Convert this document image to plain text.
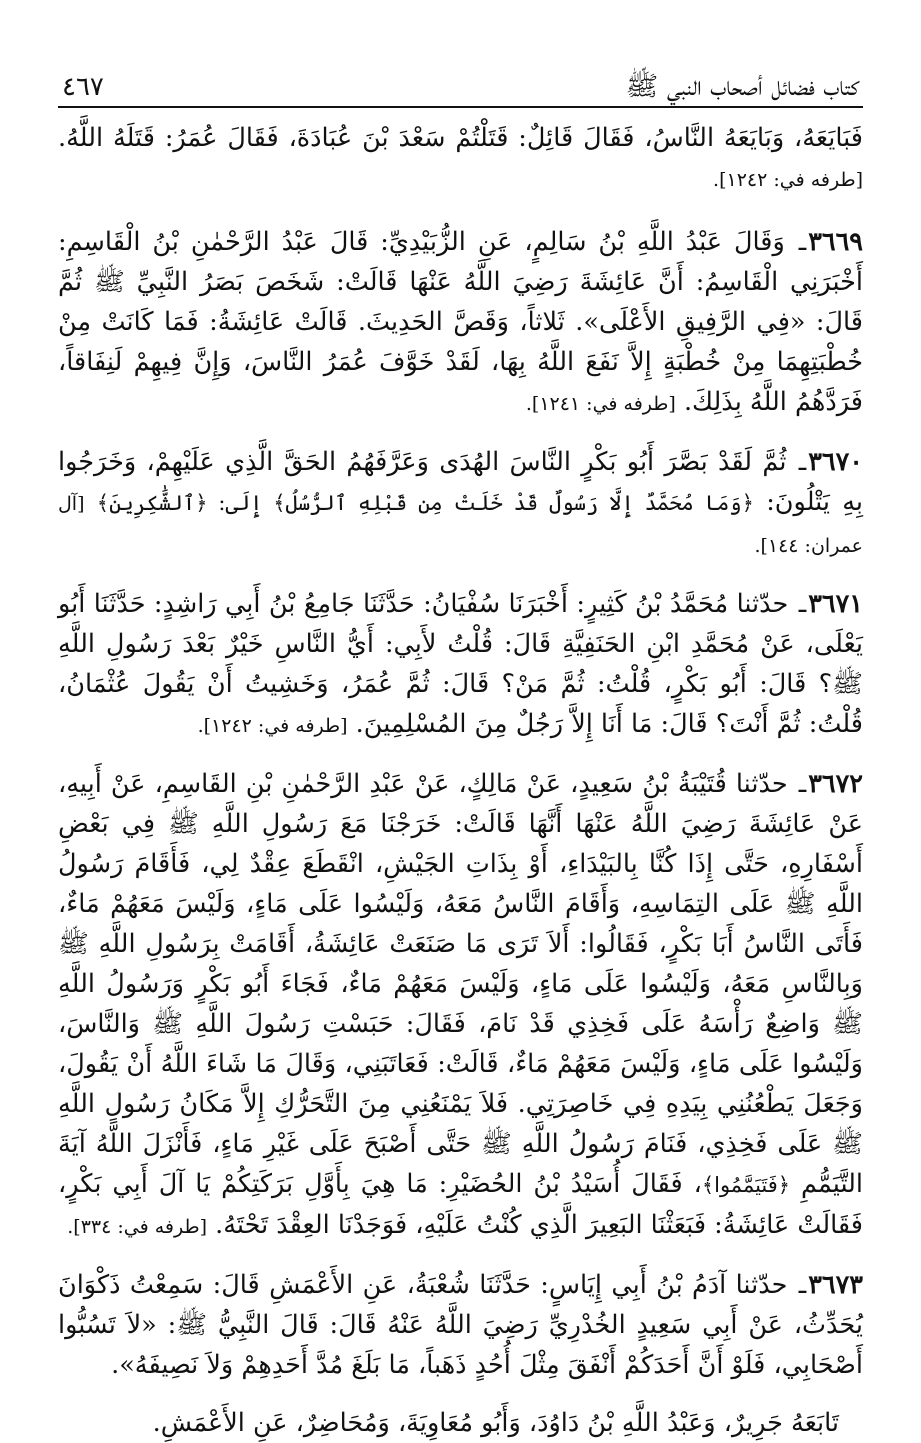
٤٦٧	كتاب فضائل أصحاب النبي ﷺ

فَبَايَعَهُ، وَبَايَعَهُ النَّاسُ، فَقَالَ قَائِلٌ: قَتَلْتُمْ سَعْدَ بْنَ عُبَادَةَ، فَقَالَ عُمَرُ: قَتَلَهُ اللَّهُ. [طرفه في: ١٢٤٢].

٣٦٦٩ـ وَقَالَ عَبْدُ اللَّهِ بْنُ سَالِمٍ، عَنِ الزُّبَيْدِيِّ: قَالَ عَبْدُ الرَّحْمٰنِ بْنُ الْقَاسِمِ: أَخْبَرَنِي الْقَاسِمُ: أَنَّ عَائِشَةَ رَضِيَ اللَّهُ عَنْهَا قَالَتْ: شَخَصَ بَصَرُ النَّبِيِّ ﷺ ثُمَّ قَالَ: «فِي الرَّفِيقِ الأَعْلَى». ثَلاثاً، وَقَصَّ الحَدِيثَ. قَالَتْ عَائِشَةُ: فَمَا كَانَتْ مِنْ خُطْبَتِهِمَا مِنْ خُطْبَةٍ إِلاَّ نَفَعَ اللَّهُ بِهَا، لَقَدْ خَوَّفَ عُمَرُ النَّاسَ، وَإِنَّ فِيهِمْ لَنِفَاقاً، فَرَدَّهُمُ اللَّهُ بِذَلِكَ. [طرفه في: ١٢٤١].

٣٦٧٠ـ ثُمَّ لَقَدْ بَصَّرَ أَبُو بَكْرٍ النَّاسَ الهُدَى وَعَرَّفَهُمُ الحَقَّ الَّذِي عَلَيْهِمْ، وَخَرَجُوا بِهِ يَتْلُونَ: ﴿وَمَا مُحَمَّدٌ إِلَّا رَسُولٌ قَدْ خَلَتْ مِن قَبْلِهِ ٱلرُّسُلُ﴾ إِلَى: ﴿ٱلشَّٰكِرِينَ﴾ [آل عمران: ١٤٤].

٣٦٧١ـ حدّثنا مُحَمَّدُ بْنُ كَثِيرٍ: أَخْبَرَنَا سُفْيَانُ: حَدَّثَنَا جَامِعُ بْنُ أَبِي رَاشِدٍ: حَدَّثَنَا أَبُو يَعْلَى، عَنْ مُحَمَّدِ ابْنِ الحَنَفِيَّةِ قَالَ: قُلْتُ لأَبِي: أَيُّ النَّاسِ خَيْرٌ بَعْدَ رَسُولِ اللَّهِ ﷺ؟ قَالَ: أَبُو بَكْرٍ، قُلْتُ: ثُمَّ مَنْ؟ قَالَ: ثُمَّ عُمَرُ، وَخَشِيتُ أَنْ يَقُولَ عُثْمَانُ، قُلْتُ: ثُمَّ أَنْتَ؟ قَالَ: مَا أَنَا إِلاَّ رَجُلٌ مِنَ المُسْلِمِينَ. [طرفه في: ١٢٤٢].

٣٦٧٢ـ حدّثنا قُتَيْبَةُ بْنُ سَعِيدٍ، عَنْ مَالِكٍ، عَنْ عَبْدِ الرَّحْمٰنِ بْنِ القَاسِمِ، عَنْ أَبِيهِ، عَنْ عَائِشَةَ رَضِيَ اللَّهُ عَنْهَا أَنَّهَا قَالَتْ: خَرَجْنَا مَعَ رَسُولِ اللَّهِ ﷺ فِي بَعْضِ أَسْفَارِهِ، حَتَّى إِذَا كُنَّا بِالبَيْدَاءِ، أَوْ بِذَاتِ الجَيْشِ، انْقَطَعَ عِقْدٌ لِي، فَأَقَامَ رَسُولُ اللَّهِ ﷺ عَلَى التِمَاسِهِ، وَأَقَامَ النَّاسُ مَعَهُ، وَلَيْسُوا عَلَى مَاءٍ، وَلَيْسَ مَعَهُمْ مَاءٌ، فَأَتَى النَّاسُ أَبَا بَكْرٍ، فَقَالُوا: أَلاَ تَرَى مَا صَنَعَتْ عَائِشَةُ، أَقَامَتْ بِرَسُولِ اللَّهِ ﷺ وَبِالنَّاسِ مَعَهُ، وَلَيْسُوا عَلَى مَاءٍ، وَلَيْسَ مَعَهُمْ مَاءٌ، فَجَاءَ أَبُو بَكْرٍ وَرَسُولُ اللَّهِ ﷺ وَاضِعٌ رَأْسَهُ عَلَى فَخِذِي قَدْ نَامَ، فَقَالَ: حَبَسْتِ رَسُولَ اللَّهِ ﷺ وَالنَّاسَ، وَلَيْسُوا عَلَى مَاءٍ، وَلَيْسَ مَعَهُمْ مَاءٌ، قَالَتْ: فَعَاتَبَنِي، وَقَالَ مَا شَاءَ اللَّهُ أَنْ يَقُولَ، وَجَعَلَ يَطْعُنُنِي بِيَدِهِ فِي خَاصِرَتِي. فَلاَ يَمْنَعُنِي مِنَ التَّحَرُّكِ إِلاَّ مَكَانُ رَسُولِ اللَّهِ ﷺ عَلَى فَخِذِي، فَنَامَ رَسُولُ اللَّهِ ﷺ حَتَّى أَصْبَحَ عَلَى غَيْرِ مَاءٍ، فَأَنْزَلَ اللَّهُ آيَةَ التَّيَمُّمِ ﴿فَتَيَمَّمُوا﴾، فَقَالَ أُسَيْدُ بْنُ الحُضَيْرِ: مَا هِيَ بِأَوَّلِ بَرَكَتِكُمْ يَا آلَ أَبِي بَكْرٍ، فَقَالَتْ عَائِشَةُ: فَبَعَثْنَا البَعِيرَ الَّذِي كُنْتُ عَلَيْهِ، فَوَجَدْنَا العِقْدَ تَحْتَهُ. [طرفه في: ٣٣٤].

٣٦٧٣ـ حدّثنا آدَمُ بْنُ أَبِي إِيَاسٍ: حَدَّثَنَا شُعْبَةُ، عَنِ الأَعْمَشِ قَالَ: سَمِعْتُ ذَكْوَانَ يُحَدِّثُ، عَنْ أَبِي سَعِيدٍ الخُدْرِيِّ رَضِيَ اللَّهُ عَنْهُ قَالَ: قَالَ النَّبِيُّ ﷺ: «لاَ تَسُبُّوا أَصْحَابِي، فَلَوْ أَنَّ أَحَدَكُمْ أَنْفَقَ مِثْلَ أُحُدٍ ذَهَباً، مَا بَلَغَ مُدَّ أَحَدِهِمْ وَلاَ نَصِيفَهُ».

تَابَعَهُ جَرِيرٌ، وَعَبْدُ اللَّهِ بْنُ دَاوُدَ، وَأَبُو مُعَاوِيَةَ، وَمُحَاضِرٌ، عَنِ الأَعْمَشِ.
